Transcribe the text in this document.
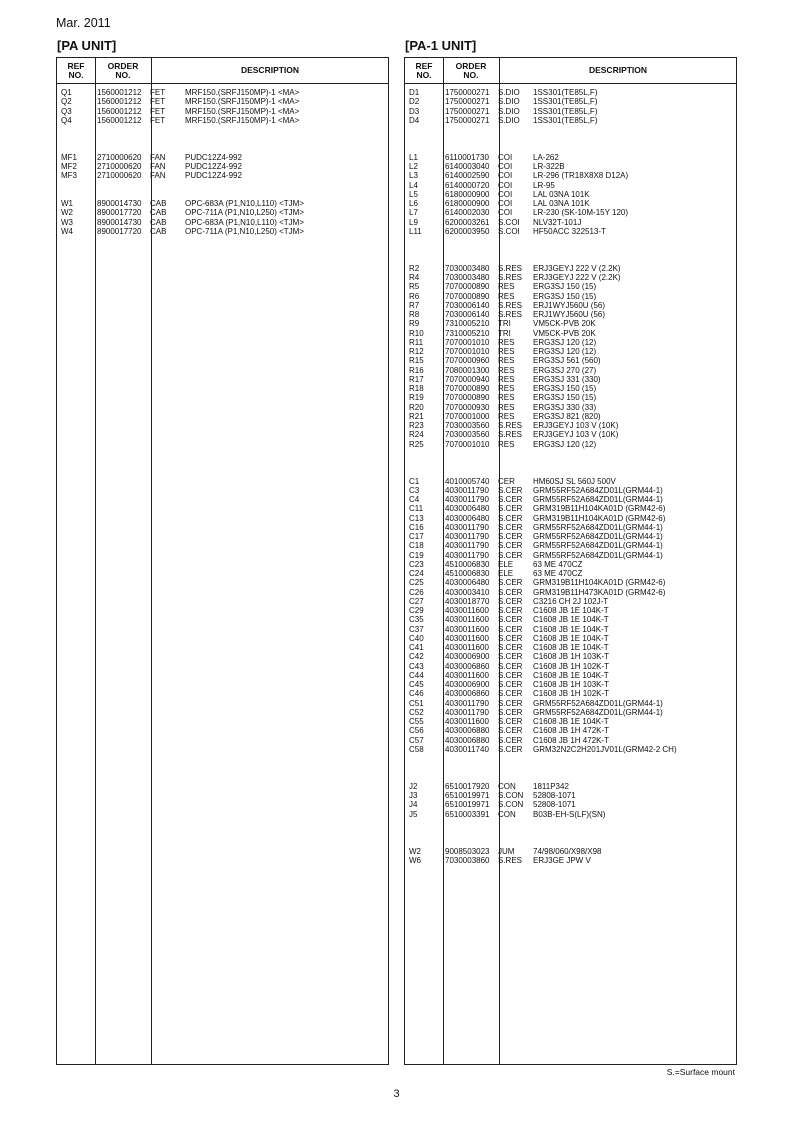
Mar. 2011
[PA UNIT]
REF
NO.
ORDER
NO.	DESCRIPTION
Q1	1560001212 FET MRF150.(SRFJ150MP)-1 <MA>
Q2	1560001212 FET MRF150.(SRFJ150MP)-1 <MA>
Q3	1560001212 FET MRF150.(SRFJ150MP)-1 <MA>
Q4	1560001212 FET MRF150.(SRFJ150MP)-1 <MA>
MF1	2710000620 FAN PUDC12Z4-992
MF2	2710000620 FAN PUDC12Z4-992
MF3	2710000620 FAN PUDC12Z4-992
W1	8900014730 CAB OPC-683A (P1,N10,L110) <TJM>
W2	8900017720 CAB OPC-711A (P1,N10,L250) <TJM>
W3	8900014730 CAB OPC-683A (P1,N10,L110) <TJM>
W4	8900017720 CAB OPC-711A (P1,N10,L250) <TJM>
[PA-1 UNIT]
REF
NO.
ORDER
NO.	DESCRIPTION
D1	1750000271 S.DIO 1SS301(TE85L,F)
D2	1750000271 S.DIO 1SS301(TE85L,F)
D3	1750000271 S.DIO 1SS301(TE85L,F)
D4	1750000271 S.DIO 1SS301(TE85L,F)
L1	6110001730 COI	LA-262
L2	6140003040 COI	LR-322B
L3	6140002590 COI	LR-296 (TR18X8X8 D12A)
L4	6140000720 COI	LR-95
L5	6180000900 COI	LAL 03NA 101K
L6	6180000900 COI	LAL 03NA 101K
L7	6140002030 COI	LR-230 (SK-10M-15Y 120)
L9	6200003261 S.COI NLV32T-101J
L11	6200003950 S.COI HF50ACC 322513-T
R2	7030003480 S.RES ERJ3GEYJ 222 V (2.2K)
R4	7030003480 S.RES ERJ3GEYJ 222 V (2.2K)
R5	7070000890 RES ERG3SJ 150 (15)
R6	7070000890 RES ERG3SJ 150 (15)
R7	7030006140 S.RES ERJ1WYJ560U (56)
R8	7030006140 S.RES ERJ1WYJ560U (56)
R9	7310005210 TRI	VM5CK-PVB 20K
R10	7310005210 TRI	VM5CK-PVB 20K
R11	7070001010 RES ERG3SJ 120 (12)
R12	7070001010 RES ERG3SJ 120 (12)
R15	7070000960 RES ERG3SJ 561 (560)
R16	7080001300 RES ERG3SJ 270 (27)
R17	7070000940 RES ERG3SJ 331 (330)
R18	7070000890 RES ERG3SJ 150 (15)
R19	7070000890 RES ERG3SJ 150 (15)
R20	7070000930 RES ERG3SJ 330 (33)
R21	7070001000 RES ERG3SJ 821 (820)
R23	7030003560 S.RES ERJ3GEYJ 103 V (10K)
R24	7030003560 S.RES ERJ3GEYJ 103 V (10K)
R25	7070001010 RES ERG3SJ 120 (12)
C1	4010005740 CER HM60SJ SL 560J 500V
C3	4030011790 S.CER GRM55RF52A684ZD01L(GRM44-1)
C4	4030011790 S.CER GRM55RF52A684ZD01L(GRM44-1)
C11	4030006480 S.CER GRM319B11H104KA01D (GRM42-6)
C13	4030006480 S.CER GRM319B11H104KA01D (GRM42-6)
C16	4030011790 S.CER GRM55RF52A684ZD01L(GRM44-1)
C17	4030011790 S.CER GRM55RF52A684ZD01L(GRM44-1)
C18	4030011790 S.CER GRM55RF52A684ZD01L(GRM44-1)
C19	4030011790 S.CER GRM55RF52A684ZD01L(GRM44-1)
C23	4510006830 ELE 63 ME 470CZ
C24	4510006830 ELE 63 ME 470CZ
C25	4030006480 S.CER GRM319B11H104KA01D (GRM42-6)
C26	4030003410 S.CER GRM319B11H473KA01D (GRM42-6)
C27	4030018770 S.CER C3216 CH 2J 102J-T
C29	4030011600 S.CER C1608 JB 1E 104K-T
C35	4030011600 S.CER C1608 JB 1E 104K-T
C37	4030011600 S.CER C1608 JB 1E 104K-T
C40	4030011600 S.CER C1608 JB 1E 104K-T
C41	4030011600 S.CER C1608 JB 1E 104K-T
C42	4030006900 S.CER C1608 JB 1H 103K-T
C43	4030006860 S.CER C1608 JB 1H 102K-T
C44	4030011600 S.CER C1608 JB 1E 104K-T
C45	4030006900 S.CER C1608 JB 1H 103K-T
C46	4030006860 S.CER C1608 JB 1H 102K-T
C51	4030011790 S.CER GRM55RF52A684ZD01L(GRM44-1)
C52	4030011790 S.CER GRM55RF52A684ZD01L(GRM44-1)
C55	4030011600 S.CER C1608 JB 1E 104K-T
C56	4030006880 S.CER C1608 JB 1H 472K-T
C57	4030006880 S.CER C1608 JB 1H 472K-T
C58	4030011740 S.CER GRM32N2C2H201JV01L(GRM42-2 CH)
J2	6510017920 CON 1811P342
J3	6510019971 S.CON 52808-1071
J4	6510019971 S.CON 52808-1071
J5	6510003391 CON B03B-EH-S(LF)(SN)
W2	9008503023 JUM 74/98/060/X98/X98
W6	7030003860 S.RES ERJ3GE JPW V
S.=Surface mount
3
